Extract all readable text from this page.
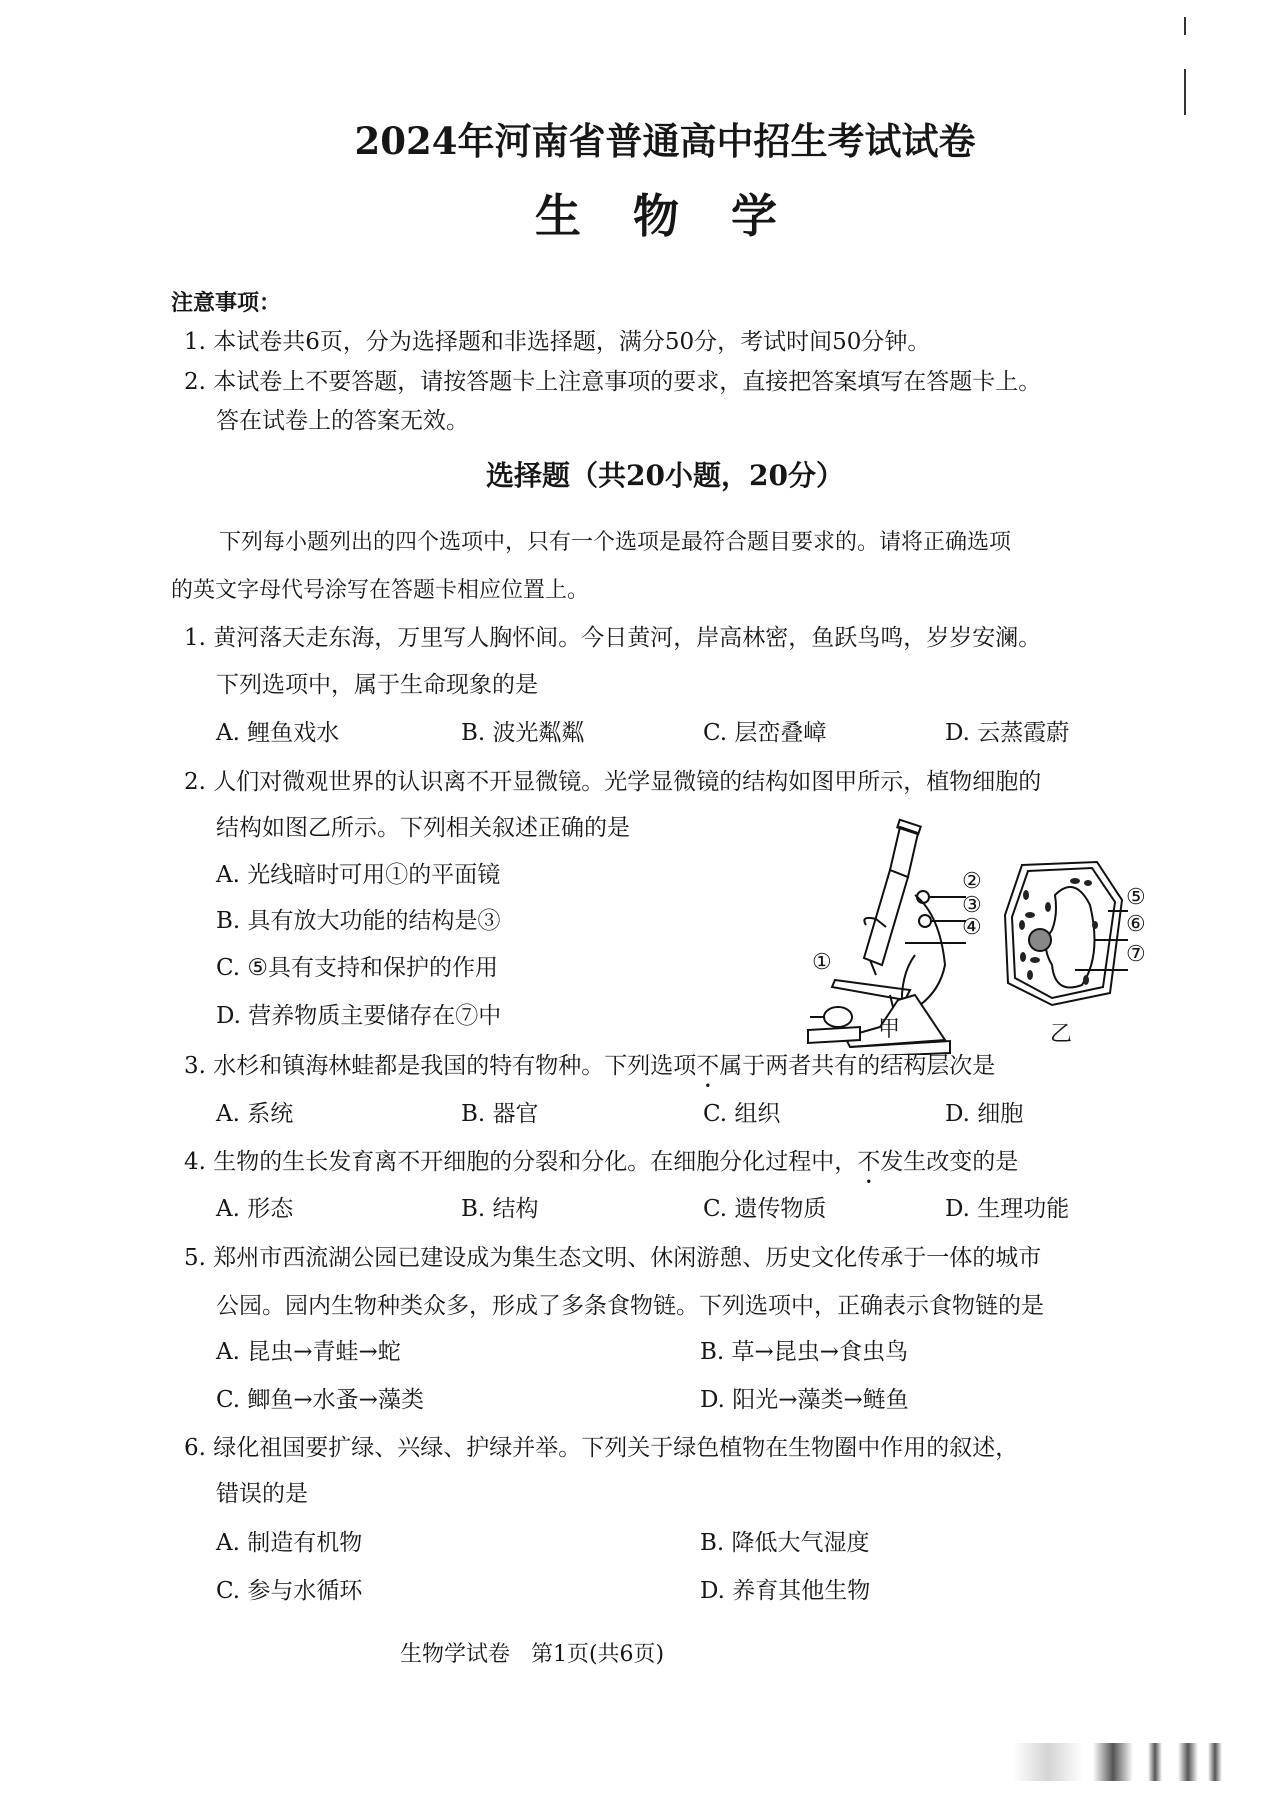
2024年河南省普通高中招生考试试卷
生 物 学
注意事项：
1. 本试卷共6页，分为选择题和非选择题，满分50分，考试时间50分钟。
2. 本试卷上不要答题，请按答题卡上注意事项的要求，直接把答案填写在答题卡上。
答在试卷上的答案无效。
选择题（共20小题，20分）
下列每小题列出的四个选项中，只有一个选项是最符合题目要求的。请将正确选项
的英文字母代号涂写在答题卡相应位置上。
1. 黄河落天走东海，万里写人胸怀间。今日黄河，岸高林密，鱼跃鸟鸣，岁岁安澜。
下列选项中，属于生命现象的是
A. 鲤鱼戏水	B. 波光粼粼	C. 层峦叠嶂	D. 云蒸霞蔚
2. 人们对微观世界的认识离不开显微镜。光学显微镜的结构如图甲所示，植物细胞的
结构如图乙所示。下列相关叙述正确的是
A. 光线暗时可用①的平面镜
B. 具有放大功能的结构是③
C. ⑤具有支持和保护的作用
D. 营养物质主要储存在⑦中
①
②
③
④
⑤
⑥
⑦
甲	乙
3. 水杉和镇海林蛙都是我国的特有物种。下列选项不属于两者共有的结构层次是
A. 系统	B. 器官	C. 组织	D. 细胞
4. 生物的生长发育离不开细胞的分裂和分化。在细胞分化过程中，不发生改变的是
A. 形态	B. 结构	C. 遗传物质	D. 生理功能
5. 郑州市西流湖公园已建设成为集生态文明、休闲游憩、历史文化传承于一体的城市
公园。园内生物种类众多，形成了多条食物链。下列选项中，正确表示食物链的是
A. 昆虫→青蛙→蛇	B. 草→昆虫→食虫鸟
C. 鲫鱼→水蚤→藻类	D. 阳光→藻类→鲢鱼
6. 绿化祖国要扩绿、兴绿、护绿并举。下列关于绿色植物在生物圈中作用的叙述，
错误的是
A. 制造有机物	B. 降低大气湿度
C. 参与水循环	D. 养育其他生物
生物学试卷   第1页(共6页)
